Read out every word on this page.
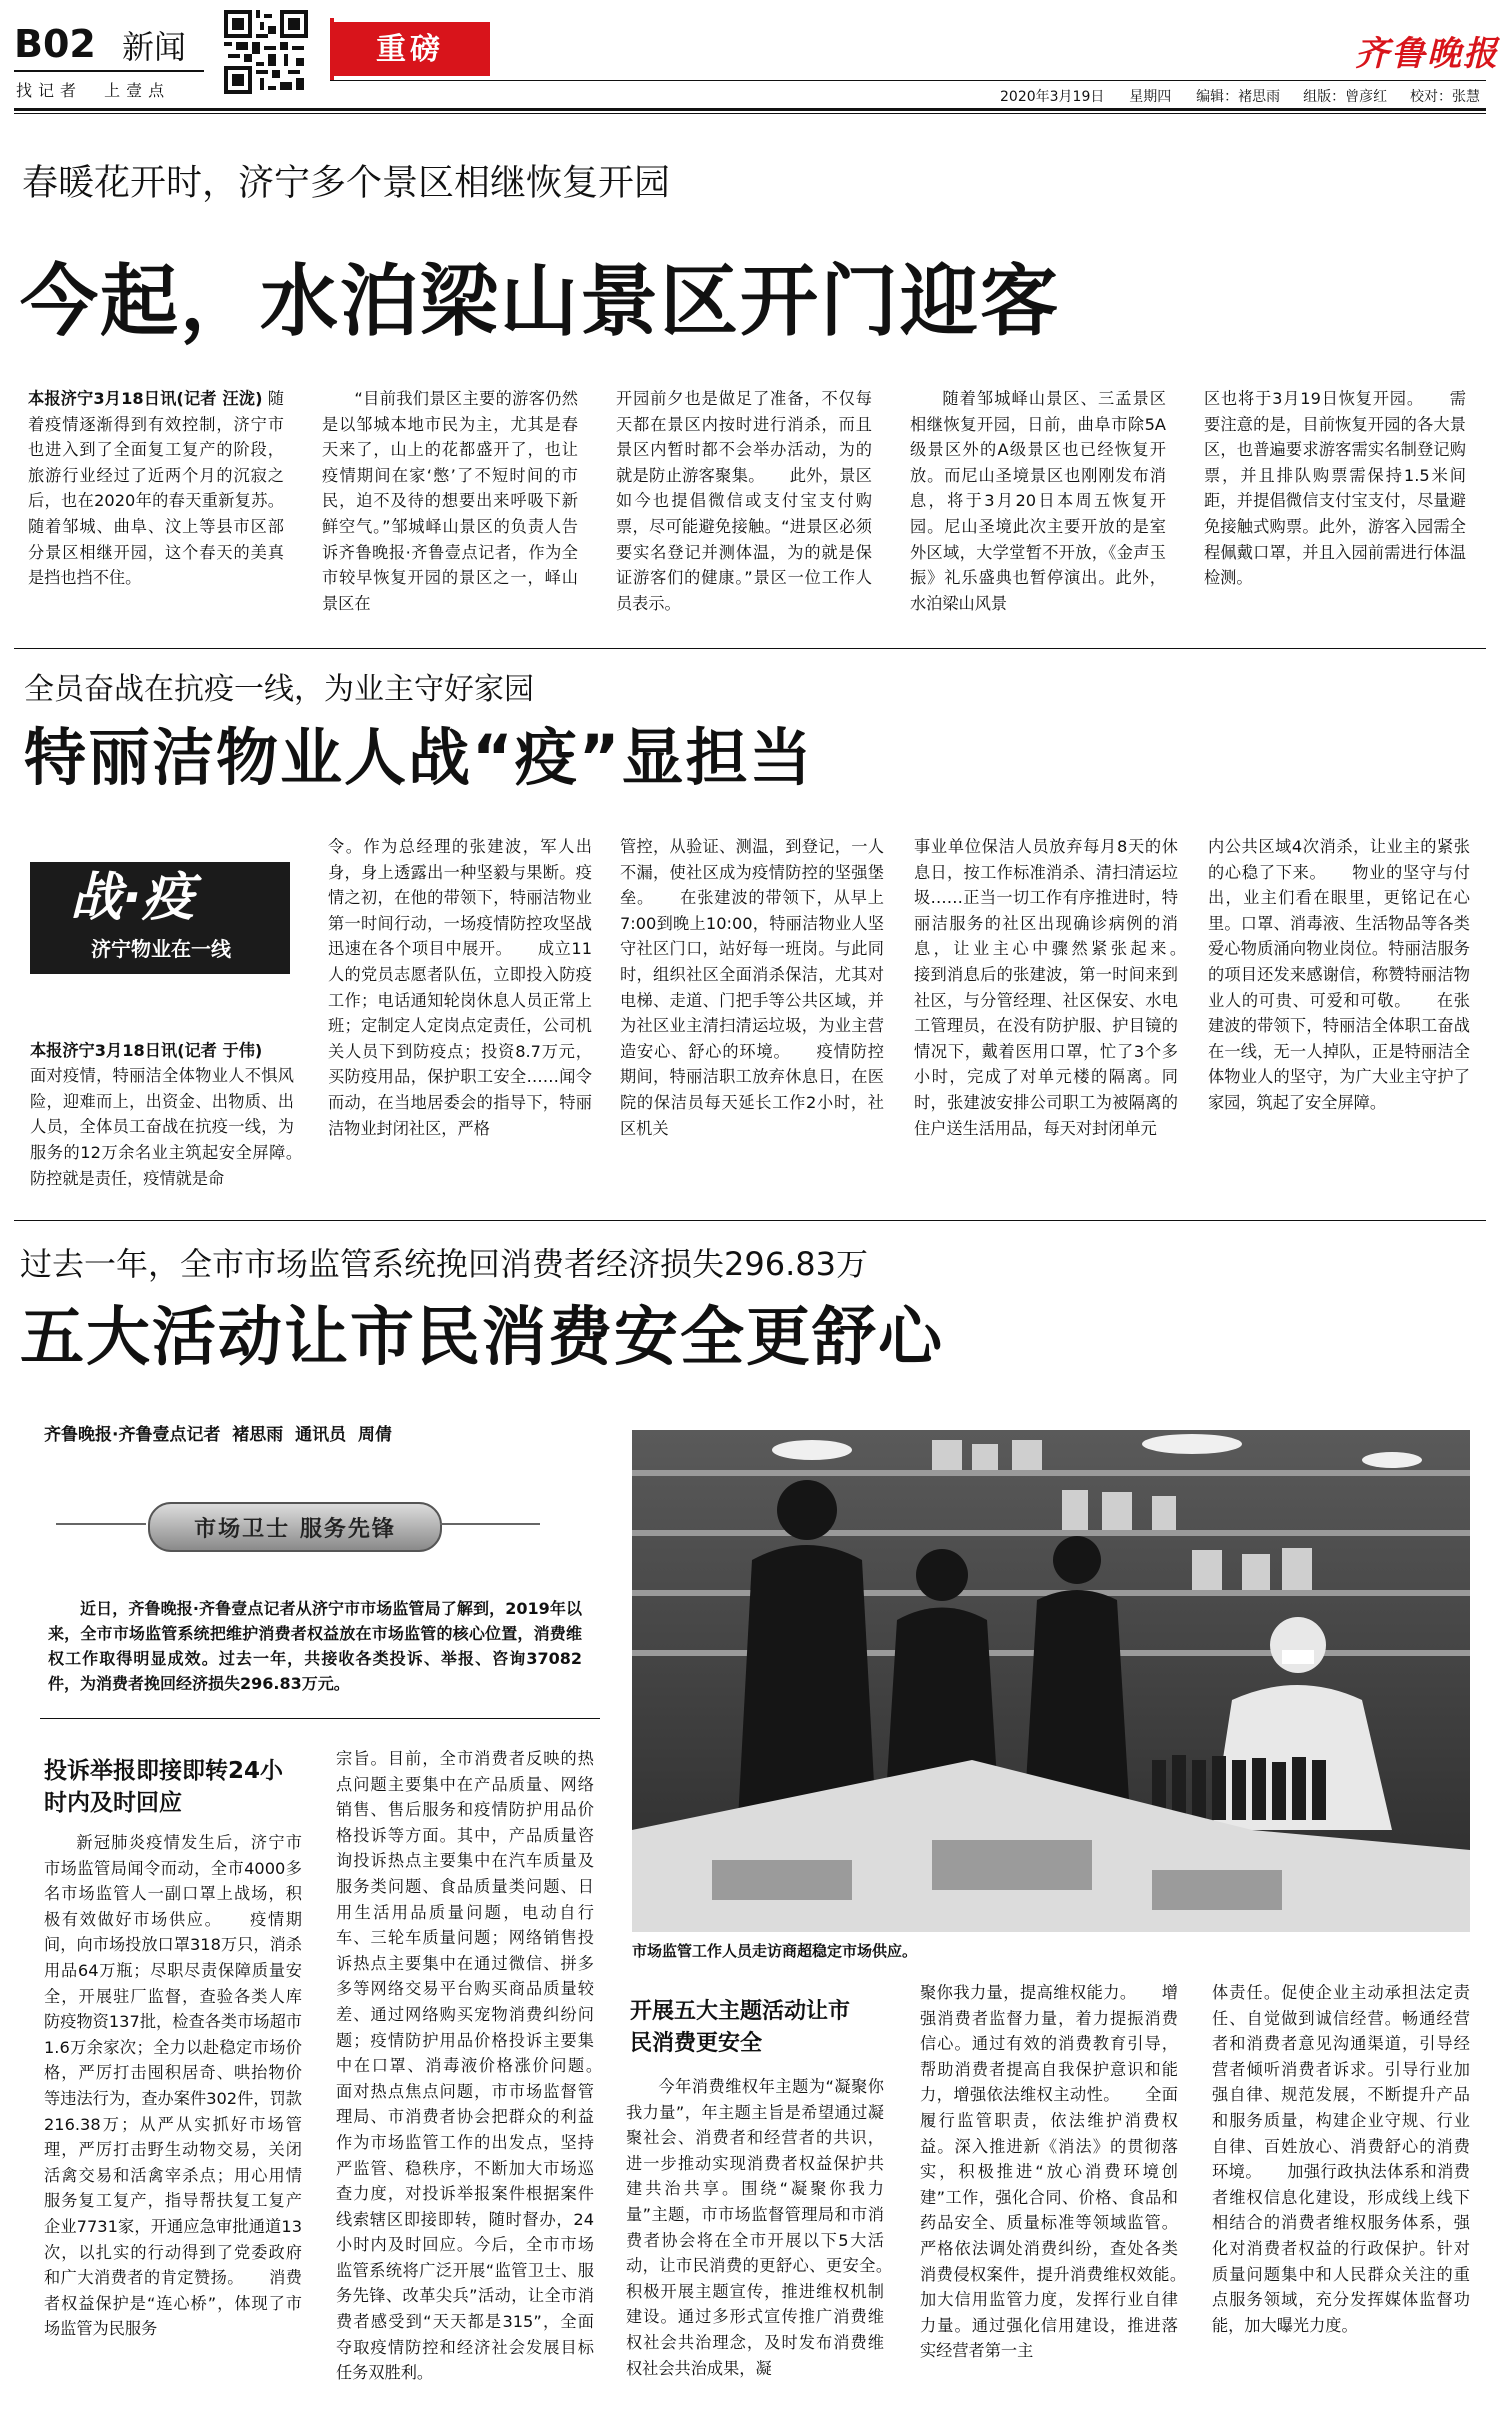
B02 新闻
找记者  上壹点
重磅	齐鲁晚报
2020年3月19日 星期四 编辑：褚思雨 组版：曾彦红 校对：张慧
春暖花开时，济宁多个景区相继恢复开园
今起，水泊梁山景区开门迎客
本报济宁3月18日讯(记者 汪泷) 随着疫情逐渐得到有效控制，济宁市也进入到了全面复工复产的阶段，旅游行业经过了近两个月的沉寂之后，也在2020年的春天重新复苏。随着邹城、曲阜、汶上等县市区部分景区相继开园，这个春天的美真是挡也挡不住。
“目前我们景区主要的游客仍然是以邹城本地市民为主，尤其是春天来了，山上的花都盛开了，也让疫情期间在家‘憋’了不短时间的市民，迫不及待的想要出来呼吸下新鲜空气。”邹城峄山景区的负责人告诉齐鲁晚报·齐鲁壹点记者，作为全市较早恢复开园的景区之一，峄山景区在
开园前夕也是做足了准备，不仅每天都在景区内按时进行消杀，而且景区内暂时都不会举办活动，为的就是防止游客聚集。　　此外，景区如今也提倡微信或支付宝支付购票，尽可能避免接触。“进景区必须要实名登记并测体温，为的就是保证游客们的健康。”景区一位工作人员表示。
随着邹城峄山景区、三孟景区相继恢复开园，日前，曲阜市除5A级景区外的A级景区也已经恢复开放。而尼山圣境景区也刚刚发布消息，将于3月20日本周五恢复开园。尼山圣境此次主要开放的是室外区域，大学堂暂不开放，《金声玉振》礼乐盛典也暂停演出。此外，水泊梁山风景
区也将于3月19日恢复开园。　　需要注意的是，目前恢复开园的各大景区，也普遍要求游客需实名制登记购票，并且排队购票需保持1.5米间距，并提倡微信支付宝支付，尽量避免接触式购票。此外，游客入园需全程佩戴口罩，并且入园前需进行体温检测。
全员奋战在抗疫一线，为业主守好家园
特丽洁物业人战“疫”显担当
战·疫
济宁物业在一线

本报济宁3月18日讯(记者 于伟)
面对疫情，特丽洁全体物业人不惧风险，迎难而上，出资金、出物质、出人员，全体员工奋战在抗疫一线，为服务的12万余名业主筑起安全屏障。　　防控就是责任，疫情就是命

令。作为总经理的张建波，军人出身，身上透露出一种坚毅与果断。疫情之初，在他的带领下，特丽洁物业第一时间行动，一场疫情防控攻坚战迅速在各个项目中展开。　　成立11人的党员志愿者队伍，立即投入防疫工作；电话通知轮岗休息人员正常上班；定制定人定岗点定责任，公司机关人员下到防疫点；投资8.7万元，买防疫用品，保护职工安全……闻令而动，在当地居委会的指导下，特丽洁物业封闭社区，严格
管控，从验证、测温，到登记，一人不漏，使社区成为疫情防控的坚强堡垒。　　在张建波的带领下，从早上7:00到晚上10:00，特丽洁物业人坚守社区门口，站好每一班岗。与此同时，组织社区全面消杀保洁，尤其对电梯、走道、门把手等公共区域，并为社区业主清扫清运垃圾，为业主营造安心、舒心的环境。　　疫情防控期间，特丽洁职工放弃休息日，在医院的保洁员每天延长工作2小时，社区机关
事业单位保洁人员放弃每月8天的休息日，按工作标准消杀、清扫清运垃圾……正当一切工作有序推进时，特丽洁服务的社区出现确诊病例的消息，让业主心中骤然紧张起来。　　接到消息后的张建波，第一时间来到社区，与分管经理、社区保安、水电工管理员，在没有防护服、护目镜的情况下，戴着医用口罩，忙了3个多小时，完成了对单元楼的隔离。同时，张建波安排公司职工为被隔离的住户送生活用品，每天对封闭单元
内公共区域4次消杀，让业主的紧张的心稳了下来。　　物业的坚守与付出，业主们看在眼里，更铭记在心里。口罩、消毒液、生活物品等各类爱心物质涌向物业岗位。特丽洁服务的项目还发来感谢信，称赞特丽洁物业人的可贵、可爱和可敬。　　在张建波的带领下，特丽洁全体职工奋战在一线，无一人掉队，正是特丽洁全体物业人的坚守，为广大业主守护了家园，筑起了安全屏障。
过去一年，全市市场监管系统挽回消费者经济损失296.83万
五大活动让市民消费安全更舒心
齐鲁晚报·齐鲁壹点记者  褚思雨  通讯员  周倩
市场卫士 服务先锋
近日，齐鲁晚报·齐鲁壹点记者从济宁市市场监管局了解到，2019年以来，全市市场监管系统把维护消费者权益放在市场监管的核心位置，消费维权工作取得明显成效。过去一年，共接收各类投诉、举报、咨询37082件，为消费者挽回经济损失296.83万元。
市场监管工作人员走访商超稳定市场供应。
投诉举报即接即转24小时内及时回应
新冠肺炎疫情发生后，济宁市市场监管局闻令而动，全市4000多名市场监管人一副口罩上战场，积极有效做好市场供应。　　疫情期间，向市场投放口罩318万只，消杀用品64万瓶；尽职尽责保障质量安全，开展驻厂监督，查验各类人库防疫物资137批，检查各类市场超市1.6万余家次；全力以赴稳定市场价格，严厉打击囤积居奇、哄抬物价等违法行为，查办案件302件，罚款216.38万；从严从实抓好市场管理，严厉打击野生动物交易，关闭活禽交易和活禽宰杀点；用心用情服务复工复产，指导帮扶复工复产企业7731家，开通应急审批通道13次，以扎实的行动得到了党委政府和广大消费者的肯定赞扬。　　消费者权益保护是“连心桥”，体现了市场监管为民服务
宗旨。目前，全市消费者反映的热点问题主要集中在产品质量、网络销售、售后服务和疫情防护用品价格投诉等方面。其中，产品质量咨询投诉热点主要集中在汽车质量及服务类问题、食品质量类问题、日用生活用品质量问题，电动自行车、三轮车质量问题；网络销售投诉热点主要集中在通过微信、拼多多等网络交易平台购买商品质量较差、通过网络购买宠物消费纠纷问题；疫情防护用品价格投诉主要集中在口罩、消毒液价格涨价问题。　　面对热点焦点问题，市市场监督管理局、市消费者协会把群众的利益作为市场监管工作的出发点，坚持严监管、稳秩序，不断加大市场巡查力度，对投诉举报案件根据案件线索辖区即接即转，随时督办，24小时内及时回应。今后，全市市场监管系统将广泛开展“监管卫士、服务先锋、改革尖兵”活动，让全市消费者感受到“天天都是315”，全面夺取疫情防控和经济社会发展目标任务双胜利。
开展五大主题活动让市民消费更安全
今年消费维权年主题为“凝聚你我力量”，年主题主旨是希望通过凝聚社会、消费者和经营者的共识，进一步推动实现消费者权益保护共建共治共享。围绕“凝聚你我力量”主题，市市场监督管理局和市消费者协会将在全市开展以下5大活动，让市民消费的更舒心、更安全。　　积极开展主题宣传，推进维权机制建设。通过多形式宣传推广消费维权社会共治理念，及时发布消费维权社会共治成果，凝
聚你我力量，提高维权能力。　　增强消费者监督力量，着力提振消费信心。通过有效的消费教育引导，帮助消费者提高自我保护意识和能力，增强依法维权主动性。　　全面履行监管职责，依法维护消费权益。深入推进新《消法》的贯彻落实，积极推进“放心消费环境创建”工作，强化合同、价格、食品和药品安全、质量标准等领域监管。严格依法调处消费纠纷，查处各类消费侵权案件，提升消费维权效能。　　加大信用监管力度，发挥行业自律力量。通过强化信用建设，推进落实经营者第一主
体责任。促使企业主动承担法定责任、自觉做到诚信经营。畅通经营者和消费者意见沟通渠道，引导经营者倾听消费者诉求。引导行业加强自律、规范发展，不断提升产品和服务质量，构建企业守规、行业自律、百姓放心、消费舒心的消费环境。　　加强行政执法体系和消费者维权信息化建设，形成线上线下相结合的消费者维权服务体系，强化对消费者权益的行政保护。针对质量问题集中和人民群众关注的重点服务领域，充分发挥媒体监督功能，加大曝光力度。
